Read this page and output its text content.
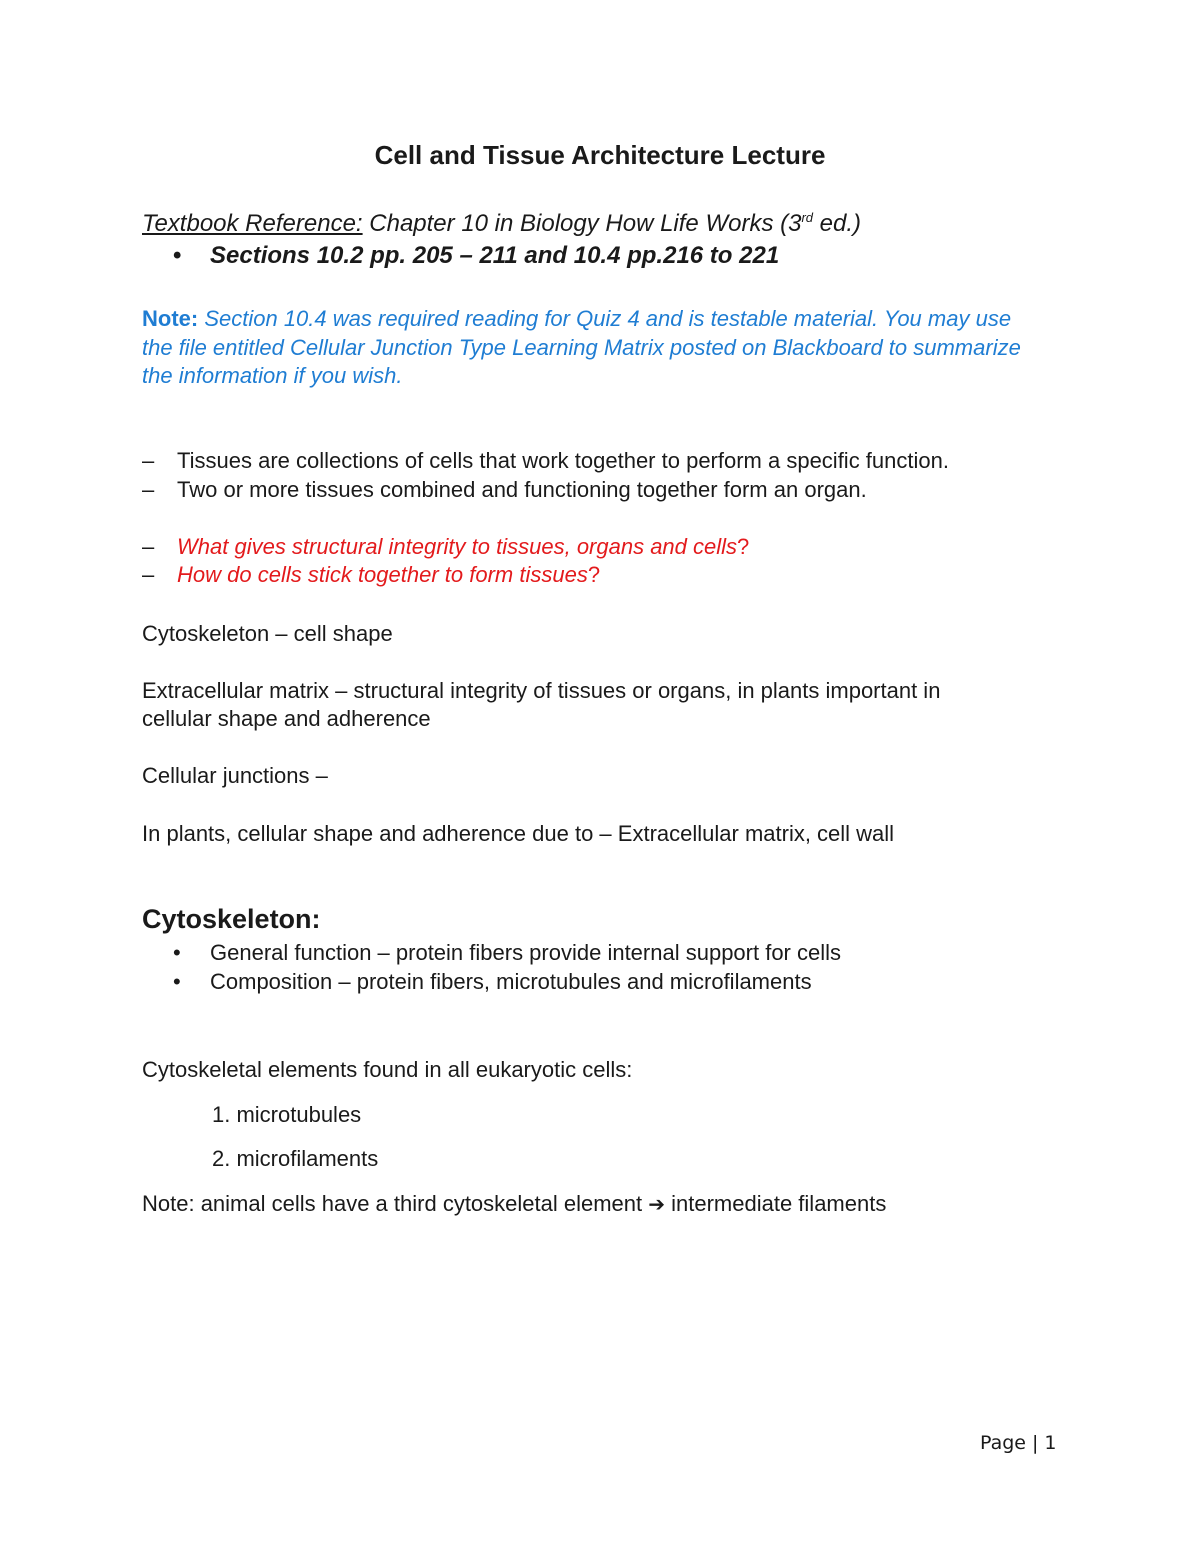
Cell and Tissue Architecture Lecture
Textbook Reference: Chapter 10 in Biology How Life Works (3rd ed.)
• Sections 10.2 pp. 205 – 211 and 10.4 pp.216 to 221
Note: Section 10.4 was required reading for Quiz 4 and is testable material. You may use the file entitled Cellular Junction Type Learning Matrix posted on Blackboard to summarize the information if you wish.
– Tissues are collections of cells that work together to perform a specific function.
– Two or more tissues combined and functioning together form an organ.
– What gives structural integrity to tissues, organs and cells?
– How do cells stick together to form tissues?
Cytoskeleton – cell shape
Extracellular matrix – structural integrity of tissues or organs, in plants important in
cellular shape and adherence
Cellular junctions –
In plants, cellular shape and adherence due to – Extracellular matrix, cell wall
Cytoskeleton:
• General function – protein fibers provide internal support for cells
• Composition – protein fibers, microtubules and microfilaments
Cytoskeletal elements found in all eukaryotic cells:
1. microtubules
2. microfilaments
Note: animal cells have a third cytoskeletal element ➔ intermediate filaments
Page | 1
